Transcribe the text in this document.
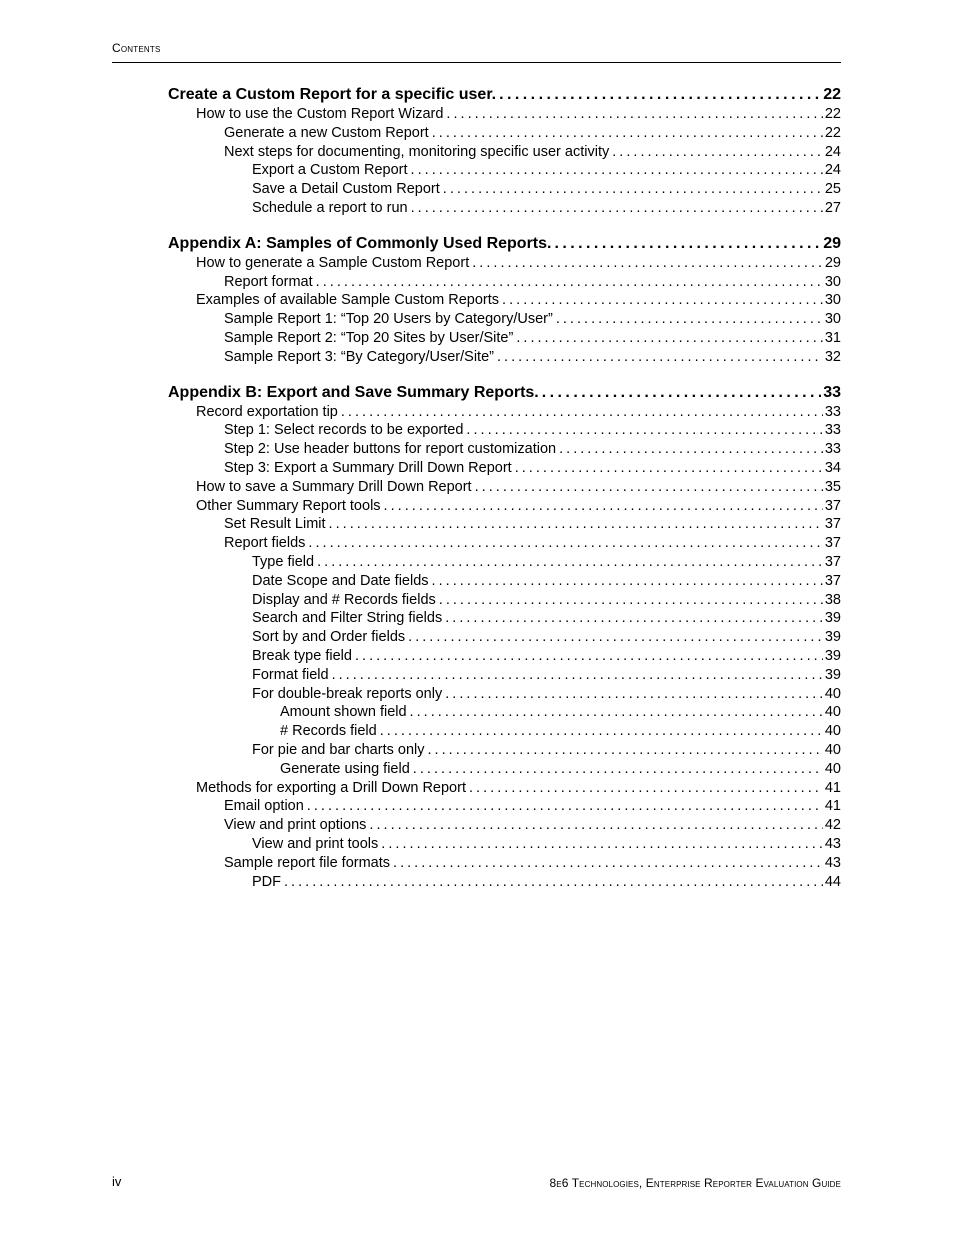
Contents
Create a Custom Report for a specific user. . . .	22
How to use the Custom Report Wizard . . .	22
Generate a new Custom Report . . .	22
Next steps for documenting, monitoring specific user activity . . .	24
Export a Custom Report . . .	24
Save a Detail Custom Report . . .	25
Schedule a report to run . . .	27
Appendix A: Samples of Commonly Used Reports. . . .	29
How to generate a Sample Custom Report . . .	29
Report format . . .	30
Examples of available Sample Custom Reports . . .	30
Sample Report 1: “Top 20 Users by Category/User” . . .	30
Sample Report 2: “Top 20 Sites by User/Site” . . .	31
Sample Report 3: “By Category/User/Site” . . .	32
Appendix B: Export and Save Summary Reports. . . .	33
Record exportation tip . . .	33
Step 1: Select records to be exported . . .	33
Step 2: Use header buttons for report customization . . .	33
Step 3: Export a Summary Drill Down Report . . .	34
How to save a Summary Drill Down Report . . .	35
Other Summary Report tools . . .	37
Set Result Limit . . .	37
Report fields . . .	37
Type field . . .	37
Date Scope and Date fields . . .	37
Display and # Records fields . . .	38
Search and Filter String fields . . .	39
Sort by and Order fields . . .	39
Break type field . . .	39
Format field . . .	39
For double-break reports only . . .	40
Amount shown field . . .	40
# Records field . . .	40
For pie and bar charts only . . .	40
Generate using field . . .	40
Methods for exporting a Drill Down Report . . .	41
Email option . . .	41
View and print options . . .	42
View and print tools . . .	43
Sample report file formats . . .	43
PDF . . .	44
iv	8e6 Technologies, Enterprise Reporter Evaluation Guide
